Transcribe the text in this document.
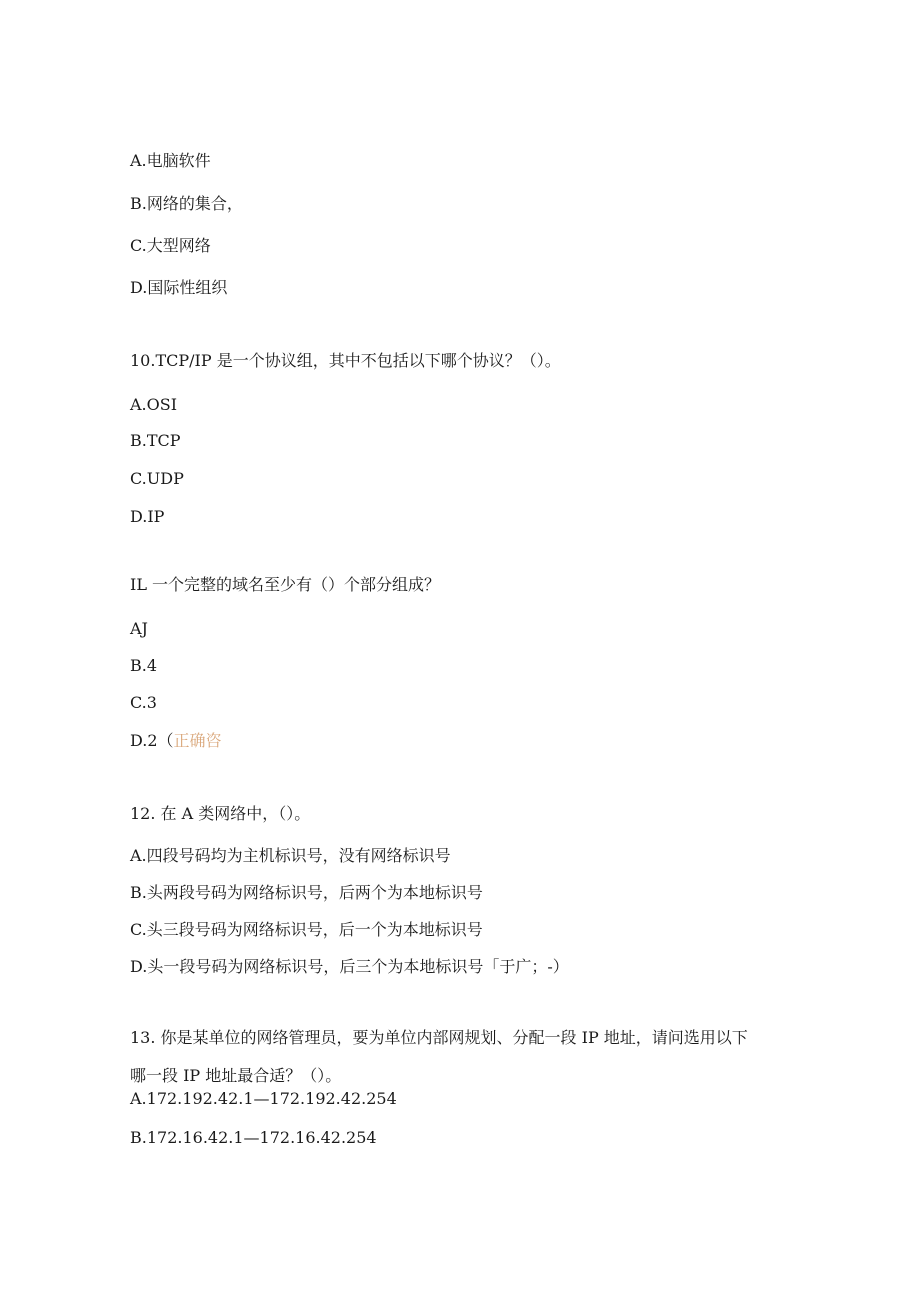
A.电脑软件
B.网络的集合，
C.大型网络
D.国际性组织
10.TCP/IP 是一个协议组，其中不包括以下哪个协议？（）。
A.OSI
B.TCP
C.UDP
D.IP
IL 一个完整的域名至少有（）个部分组成？
AJ
B.4
C.3
D.2（正确咨
12. 在 A 类网络中，（）。
A.四段号码均为主机标识号，没有网络标识号
B.头两段号码为网络标识号，后两个为本地标识号
C.头三段号码为网络标识号，后一个为本地标识号
D.头一段号码为网络标识号，后三个为本地标识号「于广；-）
13. 你是某单位的网络管理员，要为单位内部网规划、分配一段 IP 地址，请问选用以下
哪一段 IP 地址最合适？（）。
A.172.192.42.1—172.192.42.254
B.172.16.42.1—172.16.42.254
